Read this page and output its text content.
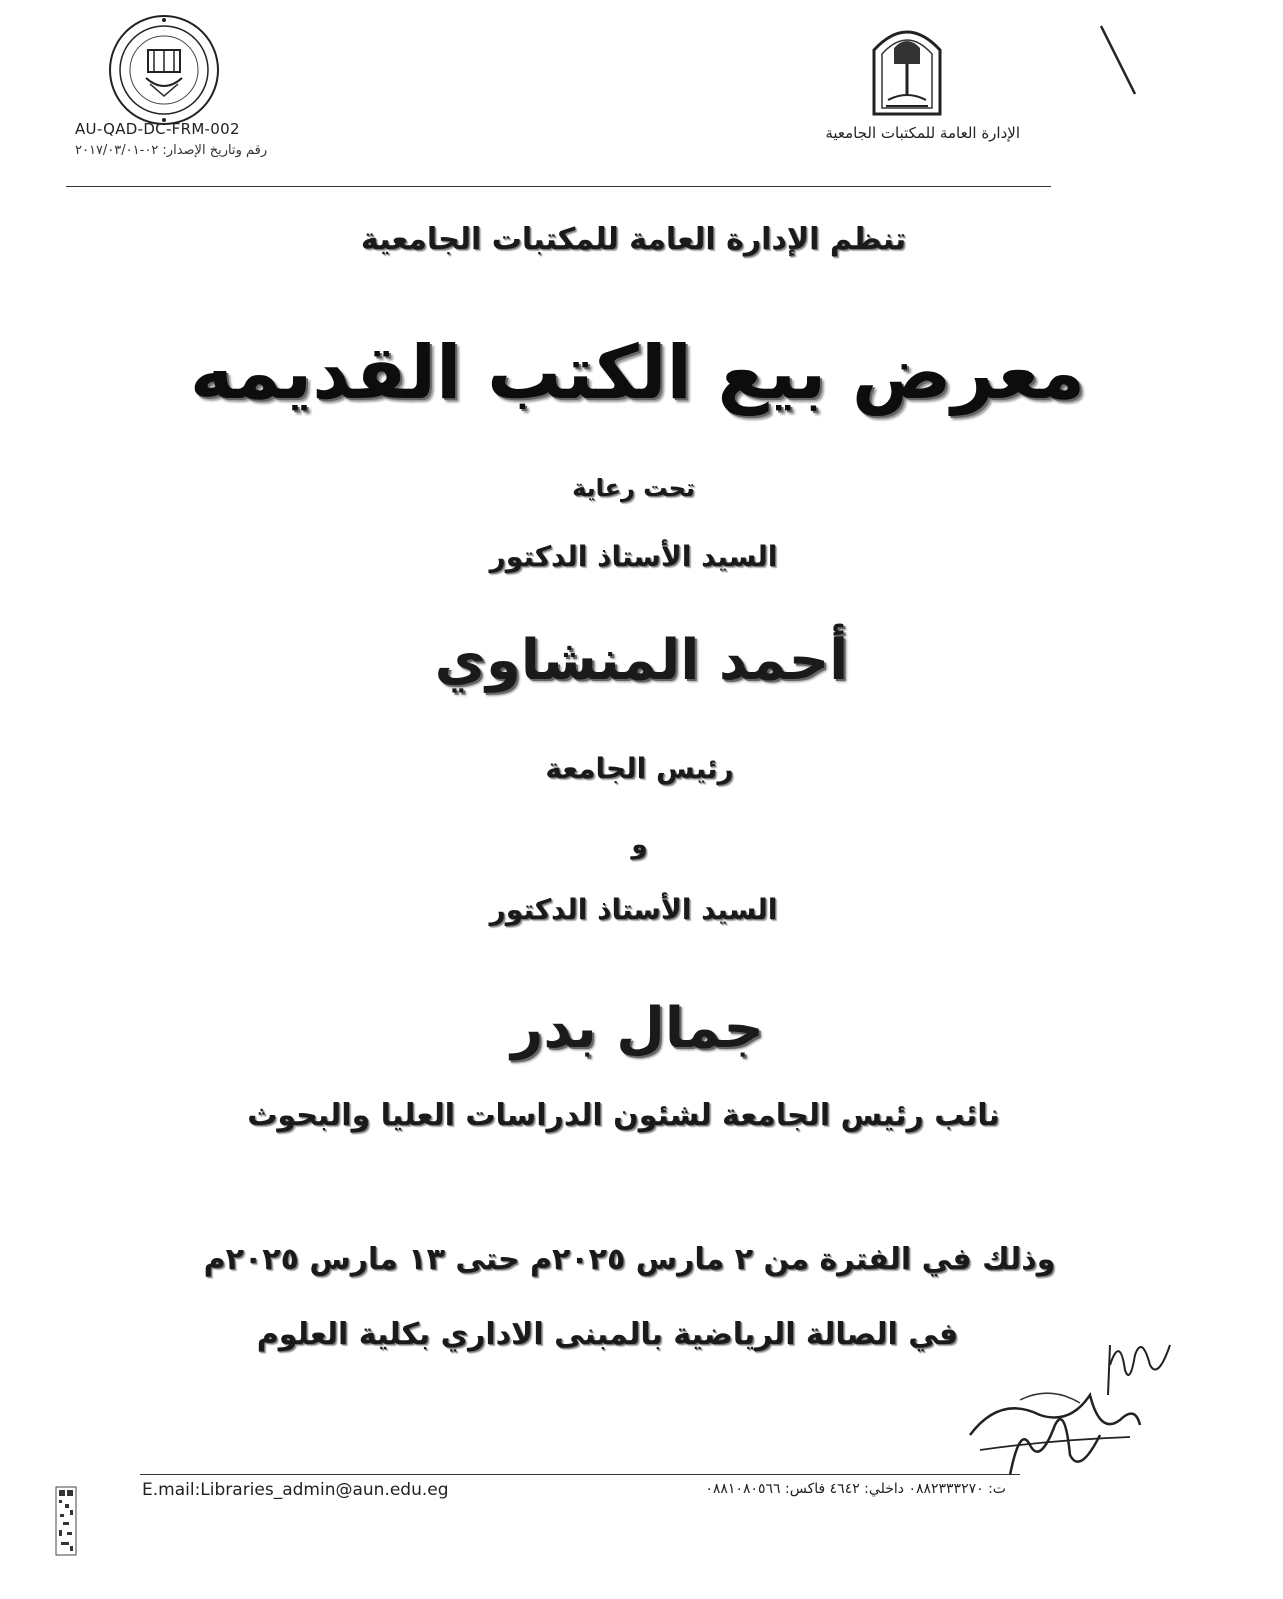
AU-QAD-DC-FRM-002
رقم وتاريخ الإصدار: ٠٢-٢٠١٧/٠٣/٠١
الإدارة العامة للمكتبات الجامعية
تنظم الإدارة العامة للمكتبات الجامعية
معرض بيع الكتب القديمه
تحت رعاية
السيد الأستاذ الدكتور
أحمد المنشاوي
رئيس الجامعة
و
السيد الأستاذ الدكتور
جمال بدر
نائب رئيس الجامعة لشئون الدراسات العليا والبحوث
وذلك في الفترة من ٢ مارس ٢٠٢٥م حتى ١٣ مارس ٢٠٢٥م
في الصالة الرياضية بالمبنى الاداري بكلية العلوم
E.mail:Libraries_admin@aun.edu.eg	ت: ٠٨٨٢٣٣٣٢٧٠ داخلي: ٤٦٤٢ فاكس: ٠٨٨١٠٨٠٥٦٦
